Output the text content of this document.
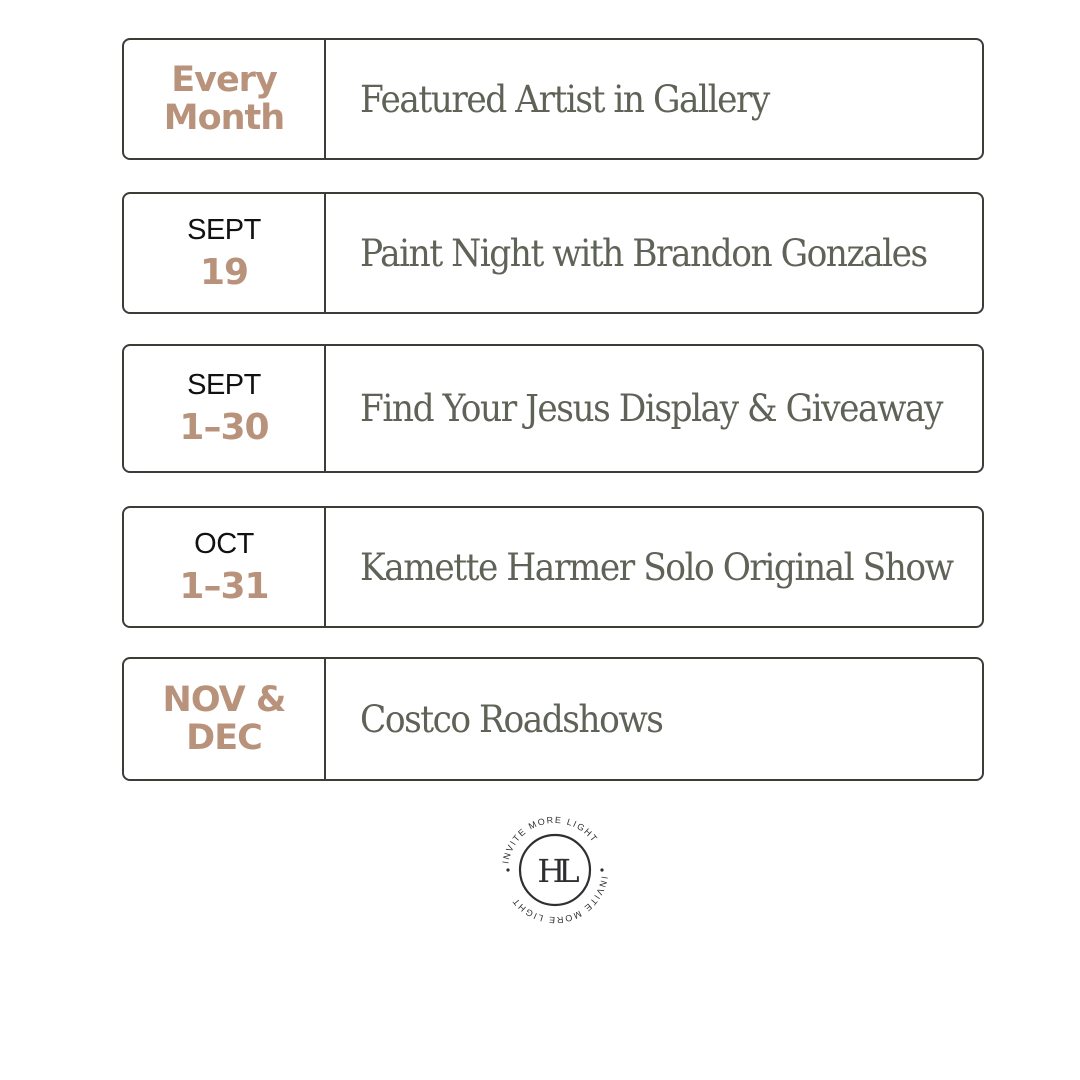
Every
Month Featured Artist in Gallery
SEPT
19	Paint Night with Brandon Gonzales
SEPT
1–30 Find Your Jesus Display & Giveaway
OCT
1–31 Kamette Harmer Solo Original Show
NOV &
DEC	Costco Roadshows
INVITE MORE LIGHT
INVITE MORE LIGHT
HL
